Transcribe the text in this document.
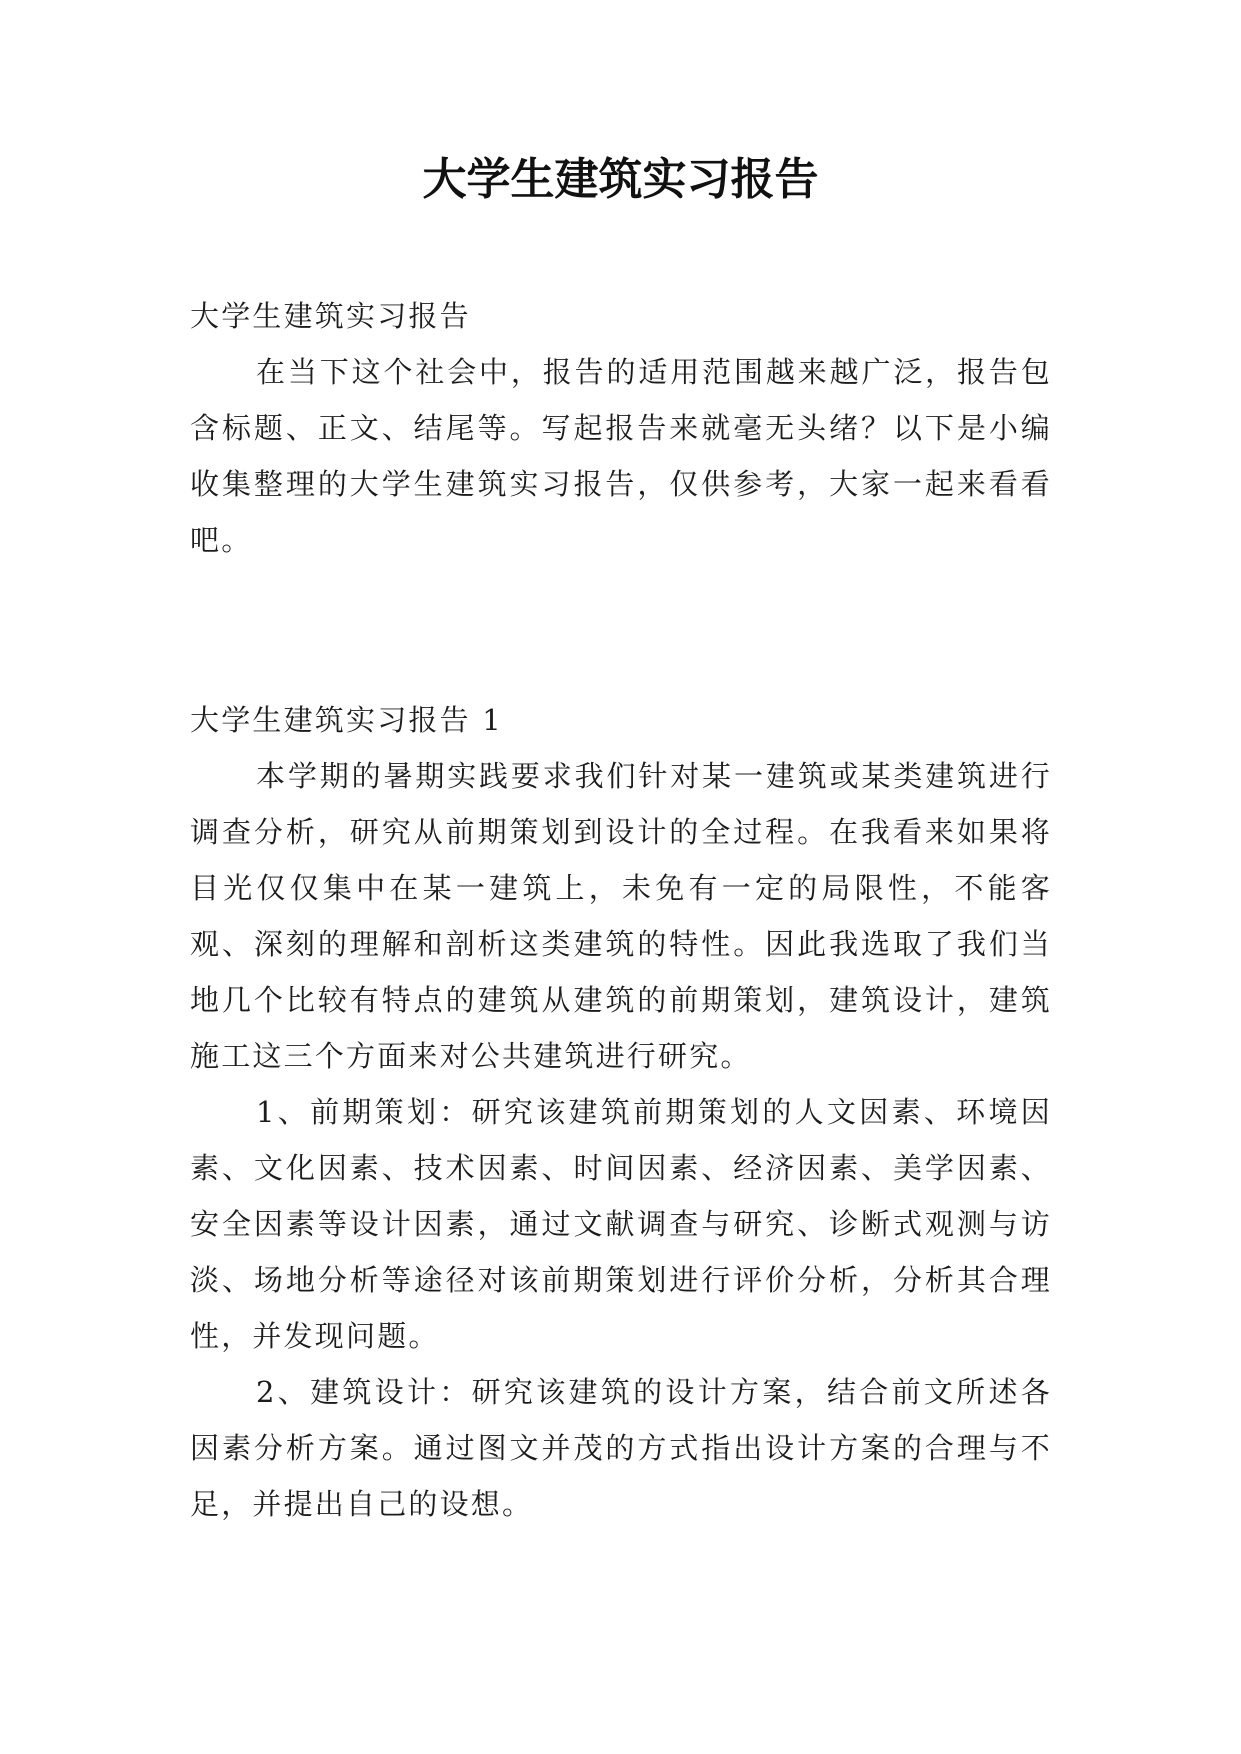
大学生建筑实习报告

大学生建筑实习报告

在当下这个社会中，报告的适用范围越来越广泛，报告包含标题、正文、结尾等。写起报告来就毫无头绪？以下是小编收集整理的大学生建筑实习报告，仅供参考，大家一起来看看吧。

大学生建筑实习报告 1

本学期的暑期实践要求我们针对某一建筑或某类建筑进行调查分析，研究从前期策划到设计的全过程。在我看来如果将目光仅仅集中在某一建筑上，未免有一定的局限性，不能客观、深刻的理解和剖析这类建筑的特性。因此我选取了我们当地几个比较有特点的建筑从建筑的前期策划，建筑设计，建筑施工这三个方面来对公共建筑进行研究。

1、前期策划：研究该建筑前期策划的人文因素、环境因素、文化因素、技术因素、时间因素、经济因素、美学因素、安全因素等设计因素，通过文献调查与研究、诊断式观测与访淡、场地分析等途径对该前期策划进行评价分析，分析其合理性，并发现问题。

2、建筑设计：研究该建筑的设计方案，结合前文所述各因素分析方案。通过图文并茂的方式指出设计方案的合理与不足，并提出自己的设想。
